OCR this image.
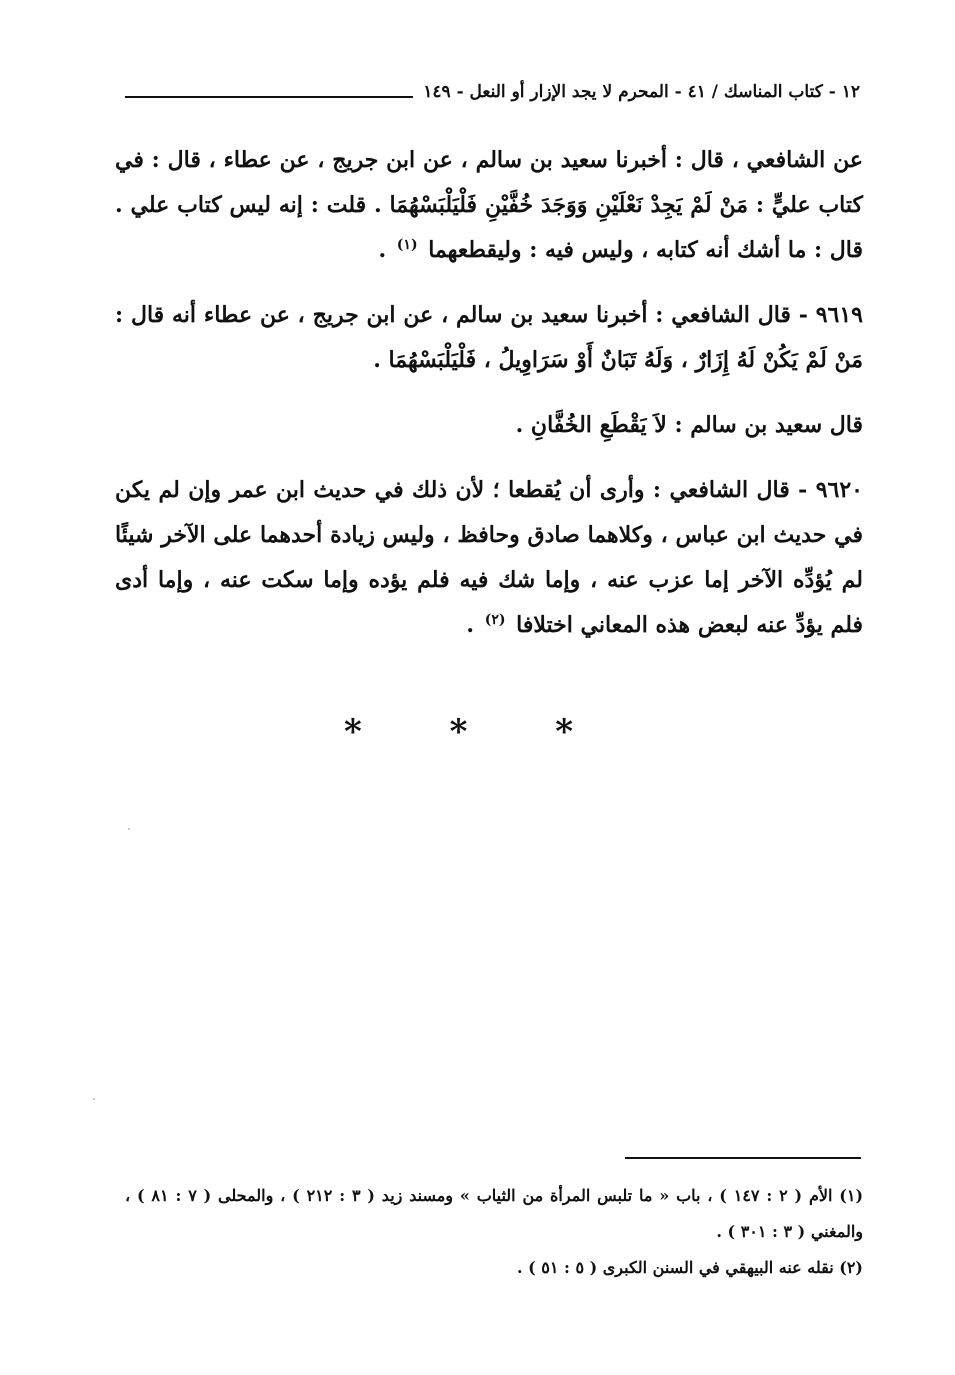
١٢ - كتاب المناسك / ٤١ - المحرم لا يجد الإزار أو النعل - ١٤٩

عن الشافعي ، قال : أخبرنا سعيد بن سالم ، عن ابن جريج ، عن عطاء ، قال : في كتاب عليٍّ : مَنْ لَمْ يَجِدْ نَعْلَيْنِ وَوَجَدَ خُفَّيْنِ فَلْيَلْبَسْهُمَا . قلت : إنه ليس كتاب علي . قال : ما أشك أنه كتابه ، وليس فيه : وليقطعهما $^{(١)}$ .

٩٦١٩ - قال الشافعي : أخبرنا سعيد بن سالم ، عن ابن جريج ، عن عطاء أنه قال : مَنْ لَمْ يَكُنْ لَهُ إِزَارٌ ، وَلَهُ تَبَانٌ أَوْ سَرَاوِيلُ ، فَلْيَلْبَسْهُمَا .

قال سعيد بن سالم : لاَ يَقْطَعِ الخُفَّانِ .

٩٦٢٠ - قال الشافعي : وأرى أن يُقطعا ؛ لأن ذلك في حديث ابن عمر وإن لم يكن في حديث ابن عباس ، وكلاهما صادق وحافظ ، وليس زيادة أحدهما على الآخر شيئًا لم يُؤدِّه الآخر إما عزب عنه ، وإما شك فيه فلم يؤده وإما سكت عنه ، وإما أدى فلم يؤدِّ عنه لبعض هذه المعاني اختلافا $^{(٢)}$ .

* * *

(١) الأم ( ٢ : ١٤٧ ) ، باب « ما تلبس المرأة من الثياب » ومسند زيد ( ٣ : ٢١٢ ) ، والمحلى ( ٧ : ٨١ ) ، والمغني ( ٣ : ٣٠١ ) .

(٢) نقله عنه البيهقي في السنن الكبرى ( ٥ : ٥١ ) .
